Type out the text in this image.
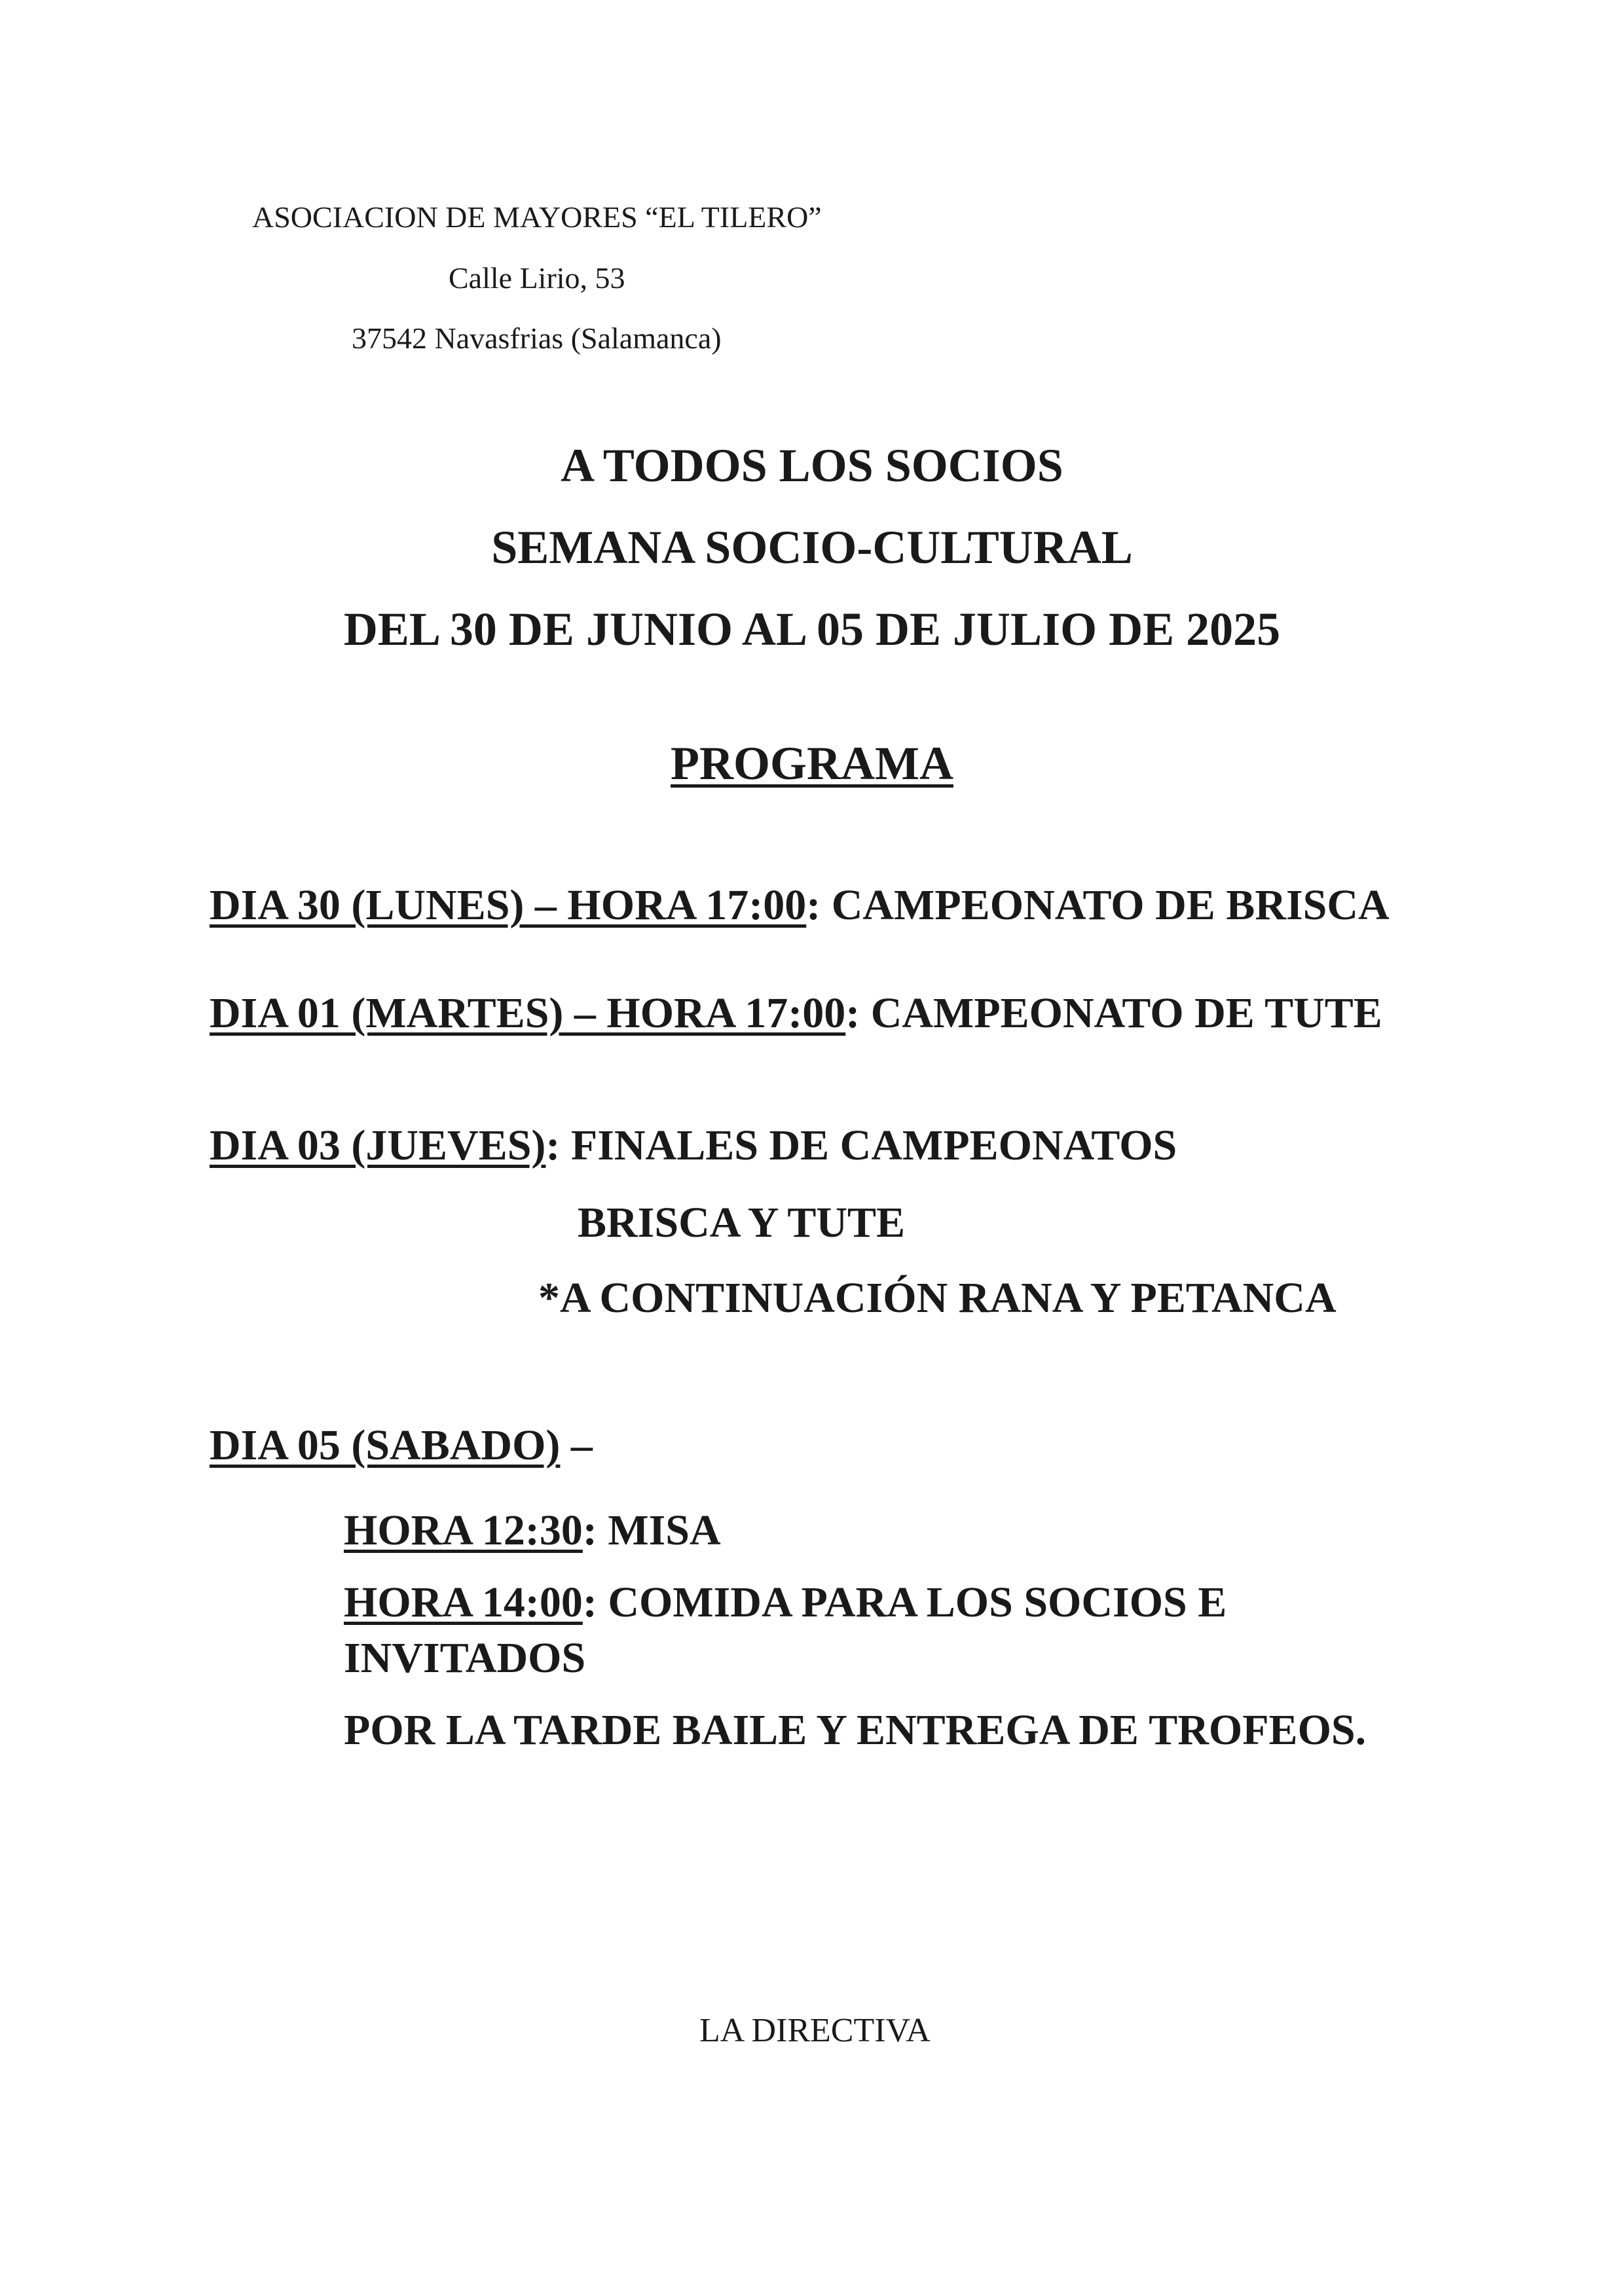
ASOCIACION DE MAYORES “EL TILERO”
Calle Lirio, 53
37542 Navasfrias (Salamanca)
A TODOS LOS SOCIOS
SEMANA SOCIO-CULTURAL
DEL 30 DE JUNIO AL 05 DE JULIO DE 2025
PROGRAMA
DIA 30 (LUNES) – HORA 17:00: CAMPEONATO DE BRISCA
DIA 01 (MARTES) – HORA 17:00: CAMPEONATO DE TUTE
DIA 03 (JUEVES): FINALES DE CAMPEONATOS
BRISCA Y TUTE
*A CONTINUACIÓN RANA Y PETANCA
DIA 05 (SABADO) –
HORA 12:30: MISA
HORA 14:00: COMIDA PARA LOS SOCIOS E
INVITADOS
POR LA TARDE BAILE Y ENTREGA DE TROFEOS.
LA DIRECTIVA
